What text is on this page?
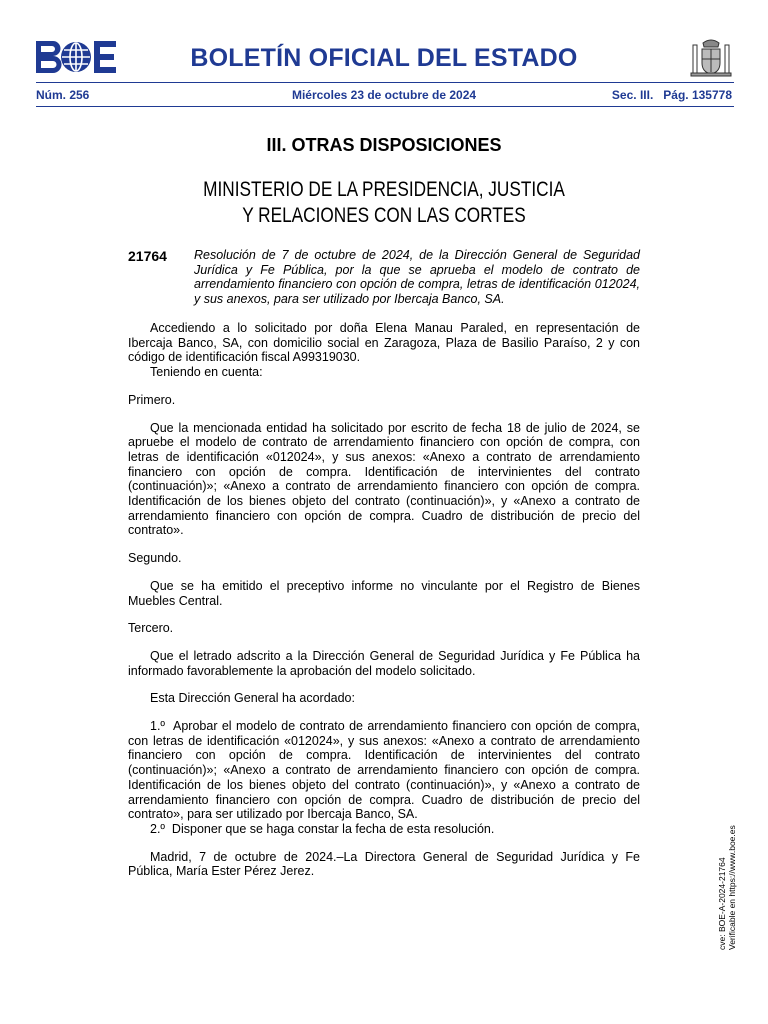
BOLETÍN OFICIAL DEL ESTADO
Núm. 256	Miércoles 23 de octubre de 2024	Sec. III.   Pág. 135778
III. OTRAS DISPOSICIONES
MINISTERIO DE LA PRESIDENCIA, JUSTICIA
Y RELACIONES CON LAS CORTES
21764 Resolución de 7 de octubre de 2024, de la Dirección General de Seguridad Jurídica y Fe Pública, por la que se aprueba el modelo de contrato de arrendamiento financiero con opción de compra, letras de identificación 012024, y sus anexos, para ser utilizado por Ibercaja Banco, SA.

Accediendo a lo solicitado por doña Elena Manau Paraled, en representación de Ibercaja Banco, SA, con domicilio social en Zaragoza, Plaza de Basilio Paraíso, 2 y con código de identificación fiscal A99319030.

Teniendo en cuenta:

Primero.

Que la mencionada entidad ha solicitado por escrito de fecha 18 de julio de 2024, se apruebe el modelo de contrato de arrendamiento financiero con opción de compra, con letras de identificación «012024», y sus anexos: «Anexo a contrato de arrendamiento financiero con opción de compra. Identificación de intervinientes del contrato (continuación)»; «Anexo a contrato de arrendamiento financiero con opción de compra. Identificación de los bienes objeto del contrato (continuación)», y «Anexo a contrato de arrendamiento financiero con opción de compra. Cuadro de distribución de precio del contrato».

Segundo.

Que se ha emitido el preceptivo informe no vinculante por el Registro de Bienes Muebles Central.

Tercero.

Que el letrado adscrito a la Dirección General de Seguridad Jurídica y Fe Pública ha informado favorablemente la aprobación del modelo solicitado.

Esta Dirección General ha acordado:

1.º  Aprobar el modelo de contrato de arrendamiento financiero con opción de compra, con letras de identificación «012024», y sus anexos: «Anexo a contrato de arrendamiento financiero con opción de compra. Identificación de intervinientes del contrato (continuación)»; «Anexo a contrato de arrendamiento financiero con opción de compra. Identificación de los bienes objeto del contrato (continuación)», y «Anexo a contrato de arrendamiento financiero con opción de compra. Cuadro de distribución de precio del contrato», para ser utilizado por Ibercaja Banco, SA.

2.º  Disponer que se haga constar la fecha de esta resolución.

Madrid, 7 de octubre de 2024.–La Directora General de Seguridad Jurídica y Fe Pública, María Ester Pérez Jerez.	cve: BOE-A-2024-21764 Verificable en https://www.boe.es
